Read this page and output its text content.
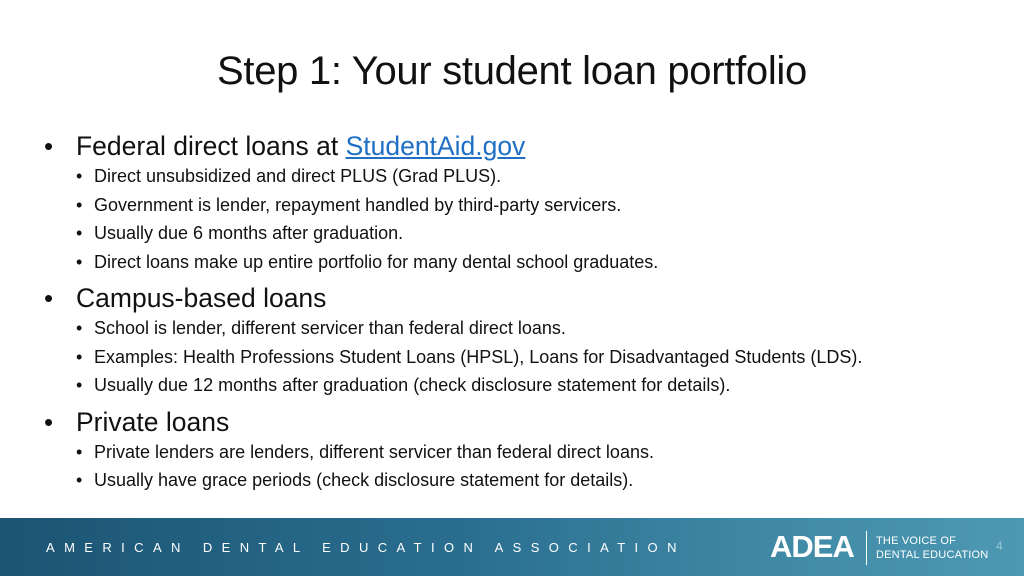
Step 1: Your student loan portfolio
• Federal direct loans at StudentAid.gov
• Direct unsubsidized and direct PLUS (Grad PLUS).
• Government is lender, repayment handled by third-party servicers.
• Usually due 6 months after graduation.
• Direct loans make up entire portfolio for many dental school graduates.
• Campus-based loans
• School is lender, different servicer than federal direct loans.
• Examples: Health Professions Student Loans (HPSL), Loans for Disadvantaged Students (LDS).
• Usually due 12 months after graduation (check disclosure statement for details).
• Private loans
• Private lenders are lenders, different servicer than federal direct loans.
• Usually have grace periods (check disclosure statement for details).
AMERICAN DENTAL EDUCATION ASSOCIATION	ADEA THE VOICE OF
DENTAL EDUCATION
4
